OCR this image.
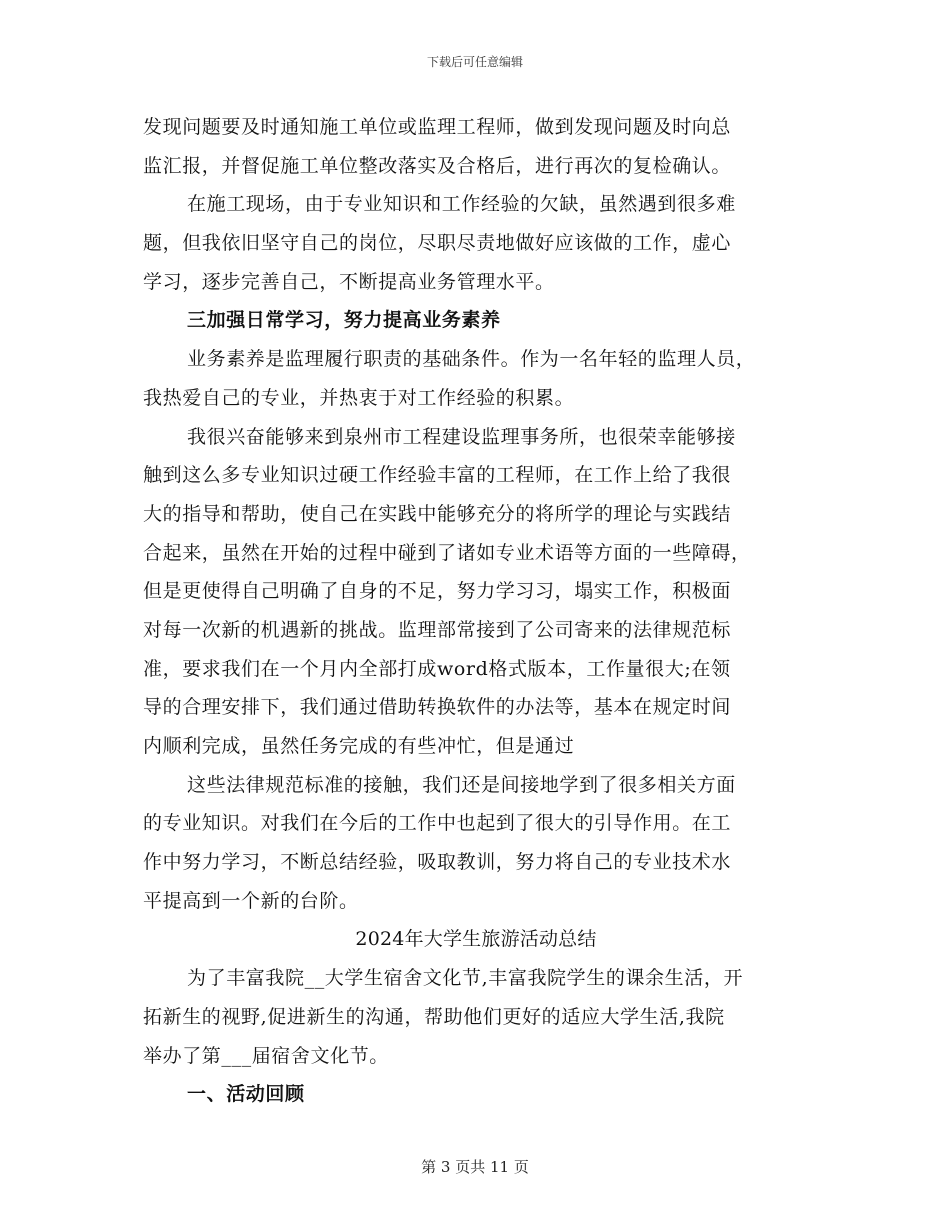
下载后可任意编辑
发现问题要及时通知施工单位或监理工程师，做到发现问题及时向总
监汇报，并督促施工单位整改落实及合格后，进行再次的复检确认。
在施工现场，由于专业知识和工作经验的欠缺，虽然遇到很多难
题，但我依旧坚守自己的岗位，尽职尽责地做好应该做的工作，虚心
学习，逐步完善自己，不断提高业务管理水平。
三加强日常学习，努力提高业务素养
业务素养是监理履行职责的基础条件。作为一名年轻的监理人员，
我热爱自己的专业，并热衷于对工作经验的积累。
我很兴奋能够来到泉州市工程建设监理事务所，也很荣幸能够接
触到这么多专业知识过硬工作经验丰富的工程师，在工作上给了我很
大的指导和帮助，使自己在实践中能够充分的将所学的理论与实践结
合起来，虽然在开始的过程中碰到了诸如专业术语等方面的一些障碍，
但是更使得自己明确了自身的不足，努力学习习，塌实工作，积极面
对每一次新的机遇新的挑战。监理部常接到了公司寄来的法律规范标
准，要求我们在一个月内全部打成word格式版本，工作量很大;在领
导的合理安排下，我们通过借助转换软件的办法等，基本在规定时间
内顺利完成，虽然任务完成的有些冲忙，但是通过
这些法律规范标准的接触，我们还是间接地学到了很多相关方面
的专业知识。对我们在今后的工作中也起到了很大的引导作用。在工
作中努力学习，不断总结经验，吸取教训，努力将自己的专业技术水
平提高到一个新的台阶。
2024年大学生旅游活动总结
为了丰富我院__大学生宿舍文化节,丰富我院学生的课余生活，开
拓新生的视野,促进新生的沟通，帮助他们更好的适应大学生活,我院
举办了第___届宿舍文化节。
一、活动回顾
第 3 页共 11 页
